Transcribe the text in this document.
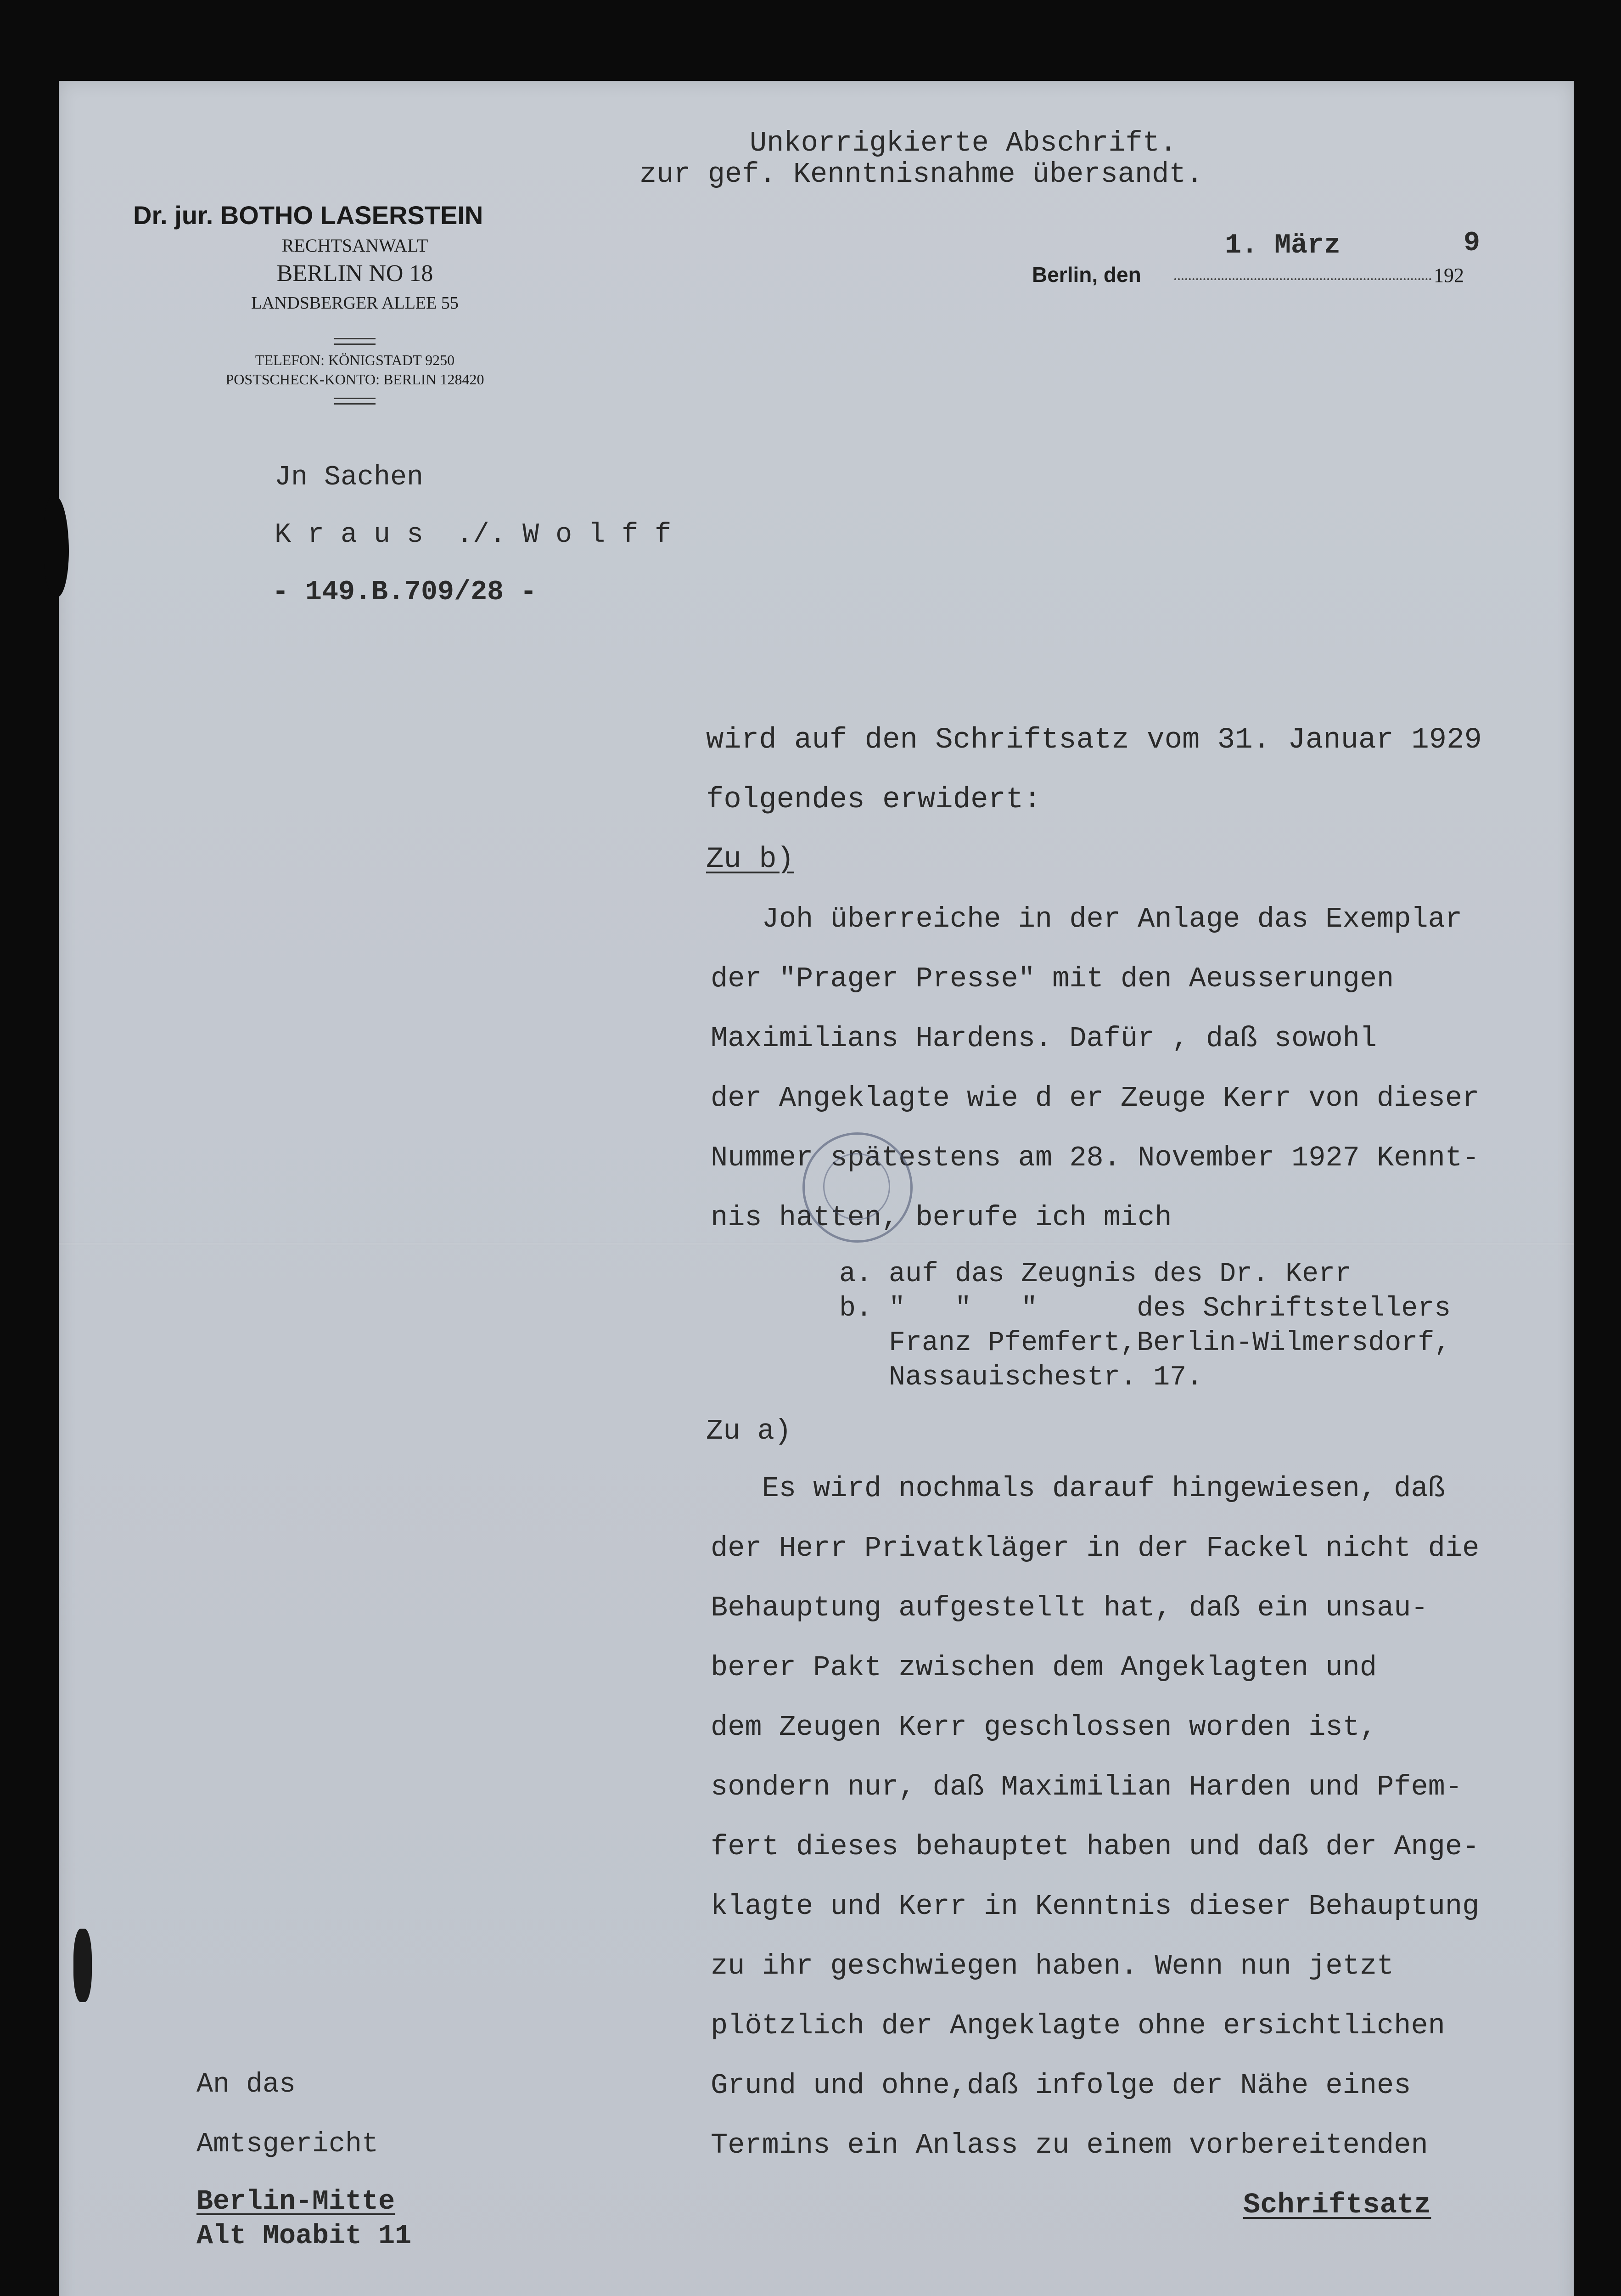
Dr. jur. BOTHO LASERSTEIN
RECHTSANWALT
BERLIN NO 18
LANDSBERGER ALLEE 55
TELEFON: KÖNIGSTADT 9250
POSTSCHECK-KONTO: BERLIN 128420
Unkorrigkierte Abschrift.
zur gef. Kenntnisnahme übersandt.
1. März	9
Berlin, den	192
Jn Sachen
K r a u s  ./. W o l f f
- 149.B.709/28 -
wird auf den Schriftsatz vom 31. Januar 1929
folgendes erwidert:
Zu b)
Joh überreiche in der Anlage das Exemplar
der "Prager Presse" mit den Aeusserungen
Maximilians Hardens. Dafür , daß sowohl
der Angeklagte wie d er Zeuge Kerr von dieser
Nummer spätestens am 28. November 1927 Kennt-
nis hatten, berufe ich mich
a. auf das Zeugnis des Dr. Kerr
b. "   "   "      des Schriftstellers
Franz Pfemfert,Berlin-Wilmersdorf,
Nassauischestr. 17.
Zu a)
Es wird nochmals darauf hingewiesen, daß
der Herr Privatkläger in der Fackel nicht die
Behauptung aufgestellt hat, daß ein unsau-
berer Pakt zwischen dem Angeklagten und
dem Zeugen Kerr geschlossen worden ist,
sondern nur, daß Maximilian Harden und Pfem-
fert dieses behauptet haben und daß der Ange-
klagte und Kerr in Kenntnis dieser Behauptung
zu ihr geschwiegen haben. Wenn nun jetzt
plötzlich der Angeklagte ohne ersichtlichen
Grund und ohne,daß infolge der Nähe eines
Termins ein Anlass zu einem vorbereitenden
Schriftsatz
An das
Amtsgericht
Berlin-Mitte
Alt Moabit 11
